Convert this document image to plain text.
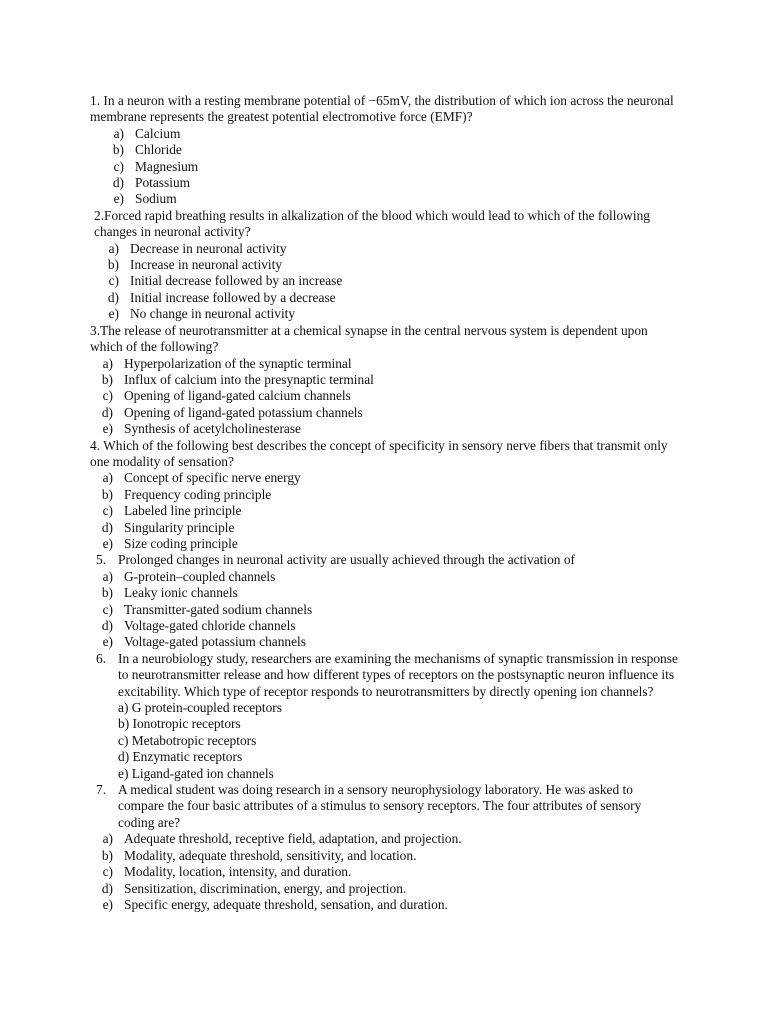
1. In a neuron with a resting membrane potential of −65mV, the distribution of which ion across the neuronal membrane represents the greatest potential electromotive force (EMF)?

a) Calcium
b) Chloride
c) Magnesium
d) Potassium
e) Sodium

2.Forced rapid breathing results in alkalization of the blood which would lead to which of the following changes in neuronal activity?

a) Decrease in neuronal activity
b) Increase in neuronal activity
c) Initial decrease followed by an increase
d) Initial increase followed by a decrease
e) No change in neuronal activity

3.The release of neurotransmitter at a chemical synapse in the central nervous system is dependent upon which of the following?

a) Hyperpolarization of the synaptic terminal
b) Influx of calcium into the presynaptic terminal
c) Opening of ligand-gated calcium channels
d) Opening of ligand-gated potassium channels
e) Synthesis of acetylcholinesterase

4. Which of the following best describes the concept of specificity in sensory nerve fibers that transmit only one modality of sensation?

a) Concept of specific nerve energy
b) Frequency coding principle
c) Labeled line principle
d) Singularity principle
e) Size coding principle
5. Prolonged changes in neuronal activity are usually achieved through the activation of
a) G-protein–coupled channels
b) Leaky ionic channels
c) Transmitter-gated sodium channels
d) Voltage-gated chloride channels
e) Voltage-gated potassium channels
6. In a neurobiology study, researchers are examining the mechanisms of synaptic transmission in response to neurotransmitter release and how different types of receptors on the postsynaptic neuron influence its excitability. Which type of receptor responds to neurotransmitters by directly opening ion channels?
a) G protein-coupled receptors
b) Ionotropic receptors
c) Metabotropic receptors
d) Enzymatic receptors
e) Ligand-gated ion channels
7. A medical student was doing research in a sensory neurophysiology laboratory. He was asked to compare the four basic attributes of a stimulus to sensory receptors. The four attributes of sensory coding are?
a) Adequate threshold, receptive field, adaptation, and projection.
b) Modality, adequate threshold, sensitivity, and location.
c) Modality, location, intensity, and duration.
d) Sensitization, discrimination, energy, and projection.
e) Specific energy, adequate threshold, sensation, and duration.
